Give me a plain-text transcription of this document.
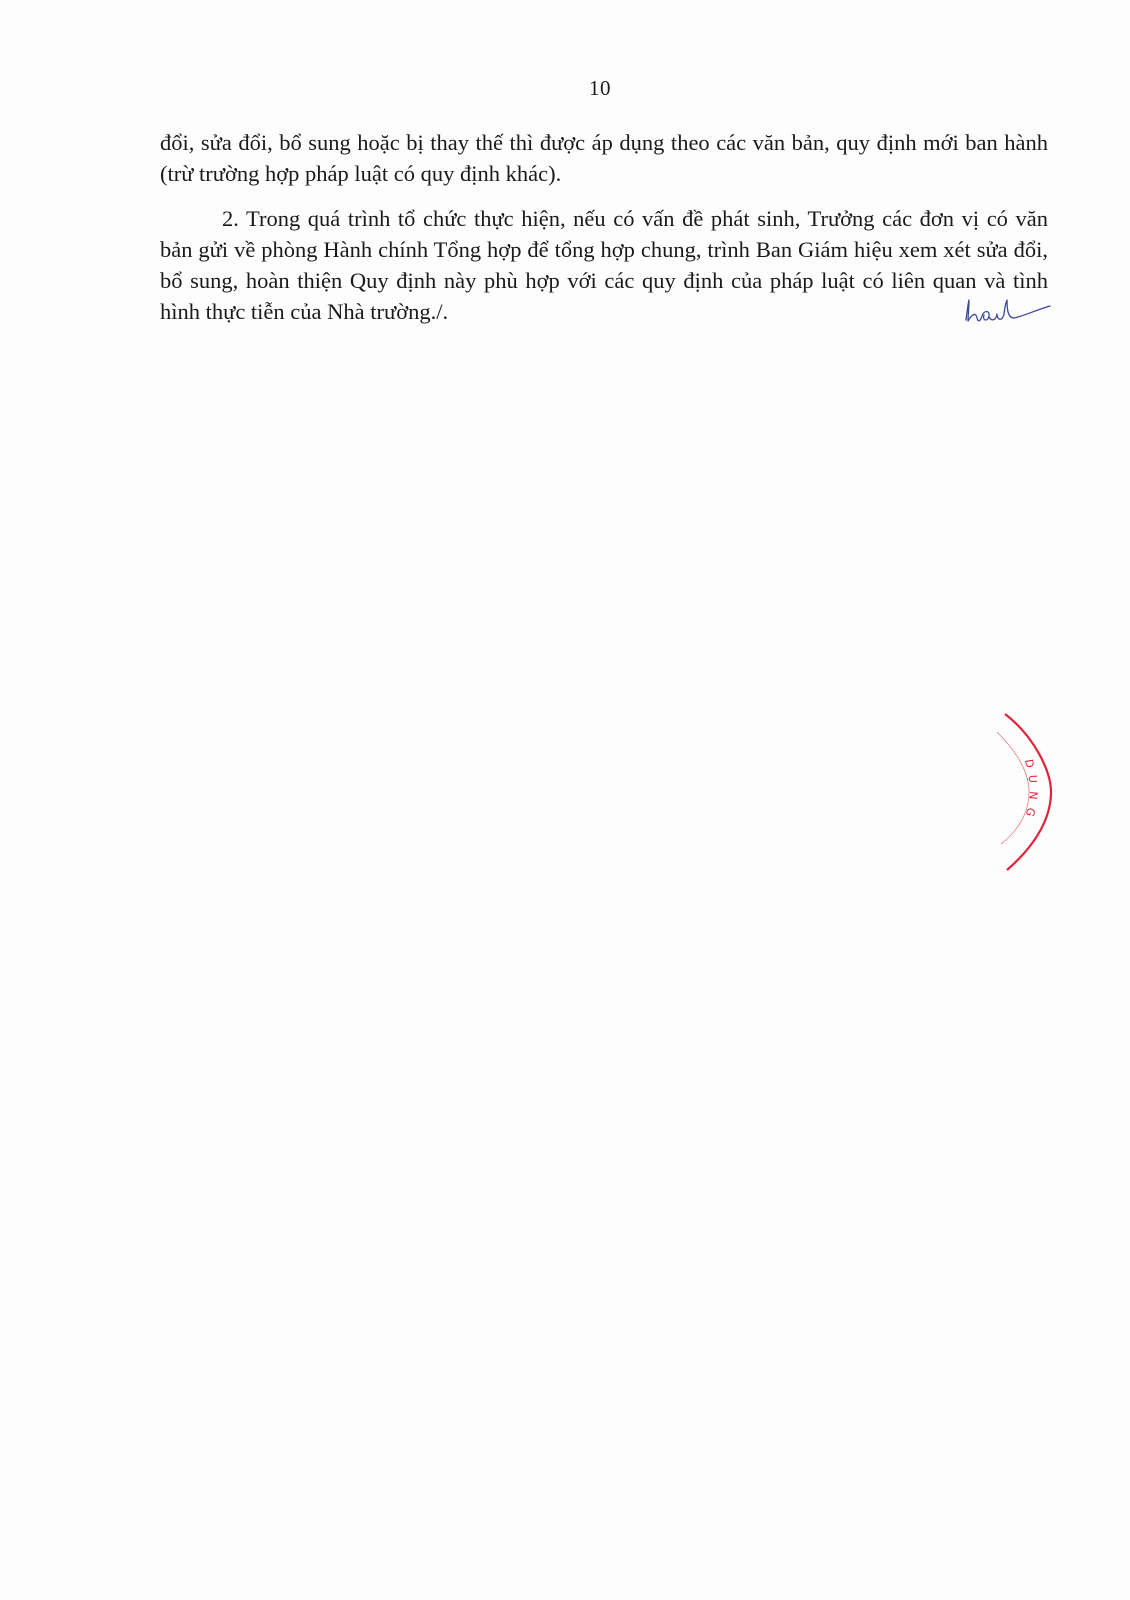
10

đổi, sửa đổi, bổ sung hoặc bị thay thế thì được áp dụng theo các văn bản, quy định mới ban hành (trừ trường hợp pháp luật có quy định khác).

2. Trong quá trình tổ chức thực hiện, nếu có vấn đề phát sinh, Trưởng các đơn vị có văn bản gửi về phòng Hành chính Tổng hợp để tổng hợp chung, trình Ban Giám hiệu xem xét sửa đổi, bổ sung, hoàn thiện Quy định này phù hợp với các quy định của pháp luật có liên quan và tình hình thực tiễn của Nhà trường./.

D
Ụ
N
G
